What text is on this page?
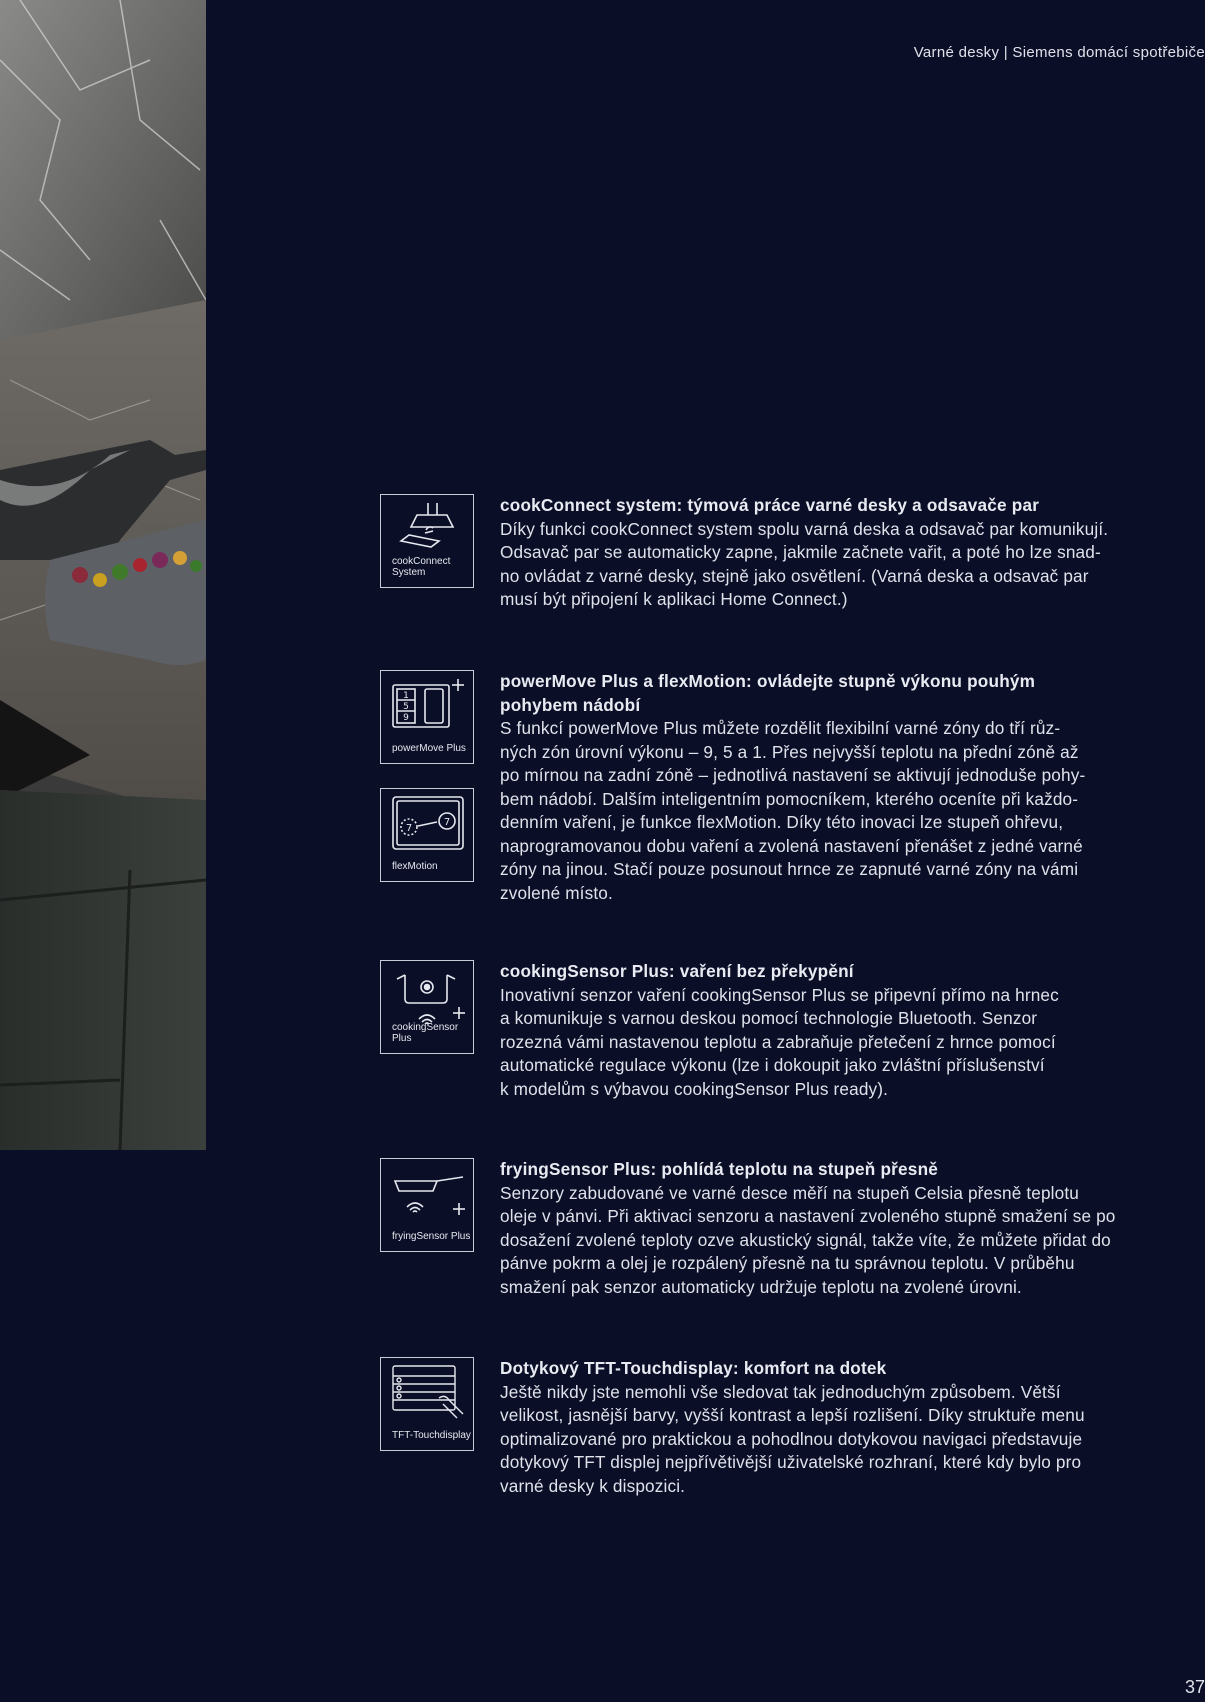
Varné desky | Siemens domácí spotřebiče
cookConnect System
cookConnect system: týmová práce varné desky a odsavače par

Díky funkci cookConnect system spolu varná deska a odsavač par komunikují.

Odsavač par se automaticky zapne, jakmile začnete vařit, a poté ho lze snad-

no ovládat z varné desky, stejně jako osvětlení. (Varná deska a odsavač par

musí být připojení k aplikaci Home Connect.)

1
5
9
powerMove Plus
7
7
flexMotion
powerMove Plus a flexMotion: ovládejte stupně výkonu pouhým
pohybem nádobí

S funkcí powerMove Plus můžete rozdělit flexibilní varné zóny do tří růz-

ných zón úrovní výkonu – 9, 5 a 1. Přes nejvyšší teplotu na přední zóně až

po mírnou na zadní zóně – jednotlivá nastavení se aktivují jednoduše pohy-

bem nádobí. Dalším inteligentním pomocníkem, kterého oceníte při každo-

denním vaření, je funkce flexMotion. Díky této inovaci lze stupeň ohřevu,

naprogramovanou dobu vaření a zvolená nastavení přenášet z jedné varné

zóny na jinou. Stačí pouze posunout hrnce ze zapnuté varné zóny na vámi

zvolené místo.

cookingSensor Plus
cookingSensor Plus: vaření bez překypění

Inovativní senzor vaření cookingSensor Plus se připevní přímo na hrnec

a komunikuje s varnou deskou pomocí technologie Bluetooth. Senzor

rozezná vámi nastavenou teplotu a zabraňuje přetečení z hrnce pomocí

automatické regulace výkonu (lze i dokoupit jako zvláštní příslušenství

k modelům s výbavou cookingSensor Plus ready).

fryingSensor Plus
fryingSensor Plus: pohlídá teplotu na stupeň přesně

Senzory zabudované ve varné desce měří na stupeň Celsia přesně teplotu

oleje v pánvi. Při aktivaci senzoru a nastavení zvoleného stupně smažení se po

dosažení zvolené teploty ozve akustický signál, takže víte, že můžete přidat do

pánve pokrm a olej je rozpálený přesně na tu správnou teplotu. V průběhu

smažení pak senzor automaticky udržuje teplotu na zvolené úrovni.

TFT-Touchdisplay
Dotykový TFT-Touchdisplay: komfort na dotek

Ještě nikdy jste nemohli vše sledovat tak jednoduchým způsobem. Větší

velikost, jasnější barvy, vyšší kontrast a lepší rozlišení. Díky struktuře menu

optimalizované pro praktickou a pohodlnou dotykovou navigaci představuje

dotykový TFT displej nejpřívětivější uživatelské rozhraní, které kdy bylo pro

varné desky k dispozici.

37
